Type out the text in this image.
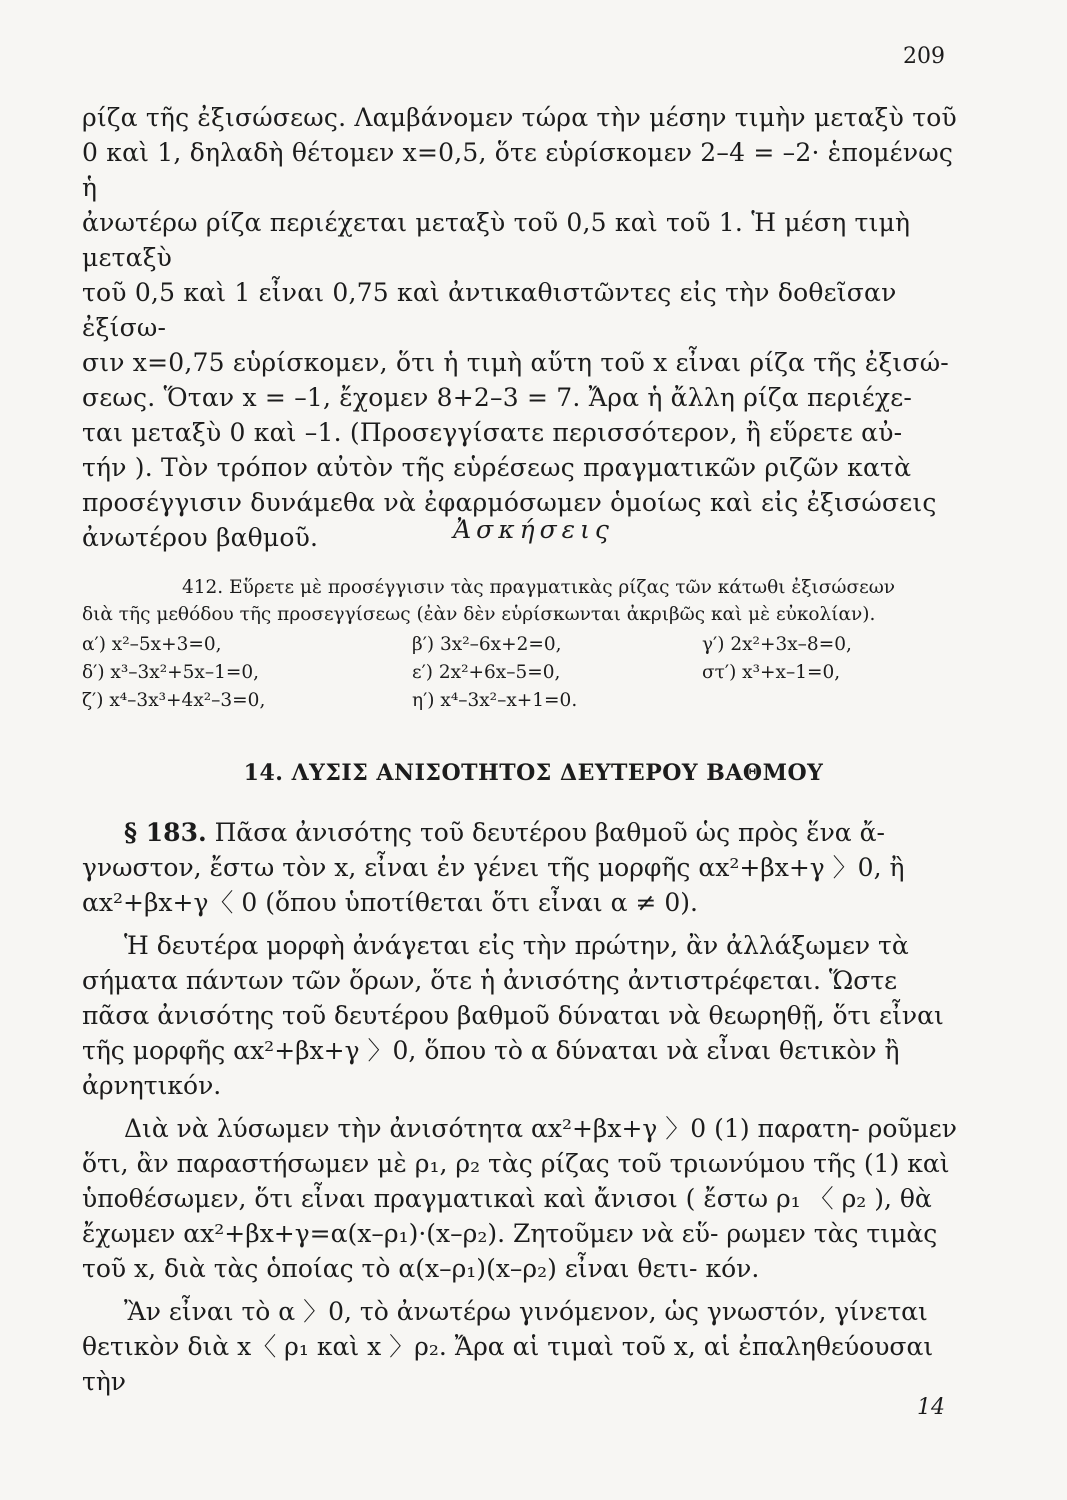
209

ρίζα τῆς ἐξισώσεως. Λαμβάνομεν τώρα τὴν μέσην τιμὴν μεταξὺ τοῦ

0 καὶ 1, δηλαδὴ θέτομεν x=0,5, ὅτε εὑρίσκομεν 2–4 = –2· ἑπομένως ἡ

ἀνωτέρω ρίζα περιέχεται μεταξὺ τοῦ 0,5 καὶ τοῦ 1. Ἡ μέση τιμὴ μεταξὺ

τοῦ 0,5 καὶ 1 εἶναι 0,75 καὶ ἀντικαθιστῶντες εἰς τὴν δοθεῖσαν ἐξίσω-

σιν x=0,75 εὑρίσκομεν, ὅτι ἡ τιμὴ αὕτη τοῦ x εἶναι ρίζα τῆς ἐξισώ-

σεως. Ὅταν x = –1, ἔχομεν 8+2–3 = 7. Ἄρα ἡ ἄλλη ρίζα περιέχε-

ται μεταξὺ 0 καὶ –1. (Προσεγγίσατε περισσότερον, ἢ εὕρετε αὐ-

τήν ). Τὸν τρόπον αὐτὸν τῆς εὑρέσεως πραγματικῶν ριζῶν κατὰ

προσέγγισιν δυνάμεθα νὰ ἐφαρμόσωμεν ὁμοίως καὶ εἰς ἐξισώσεις

ἀνωτέρου βαθμοῦ.	Ἀσκήσεις

412. Εὕρετε μὲ προσέγγισιν τὰς πραγματικὰς ρίζας τῶν κάτωθι ἐξισώσεων

διὰ τῆς μεθόδου τῆς προσεγγίσεως (ἐὰν δὲν εὑρίσκωνται ἀκριβῶς καὶ μὲ εὐκολίαν).

α′) x²–5x+3=0,	β′) 3x²–6x+2=0,	γ′) 2x²+3x–8=0,
δ′) x³–3x²+5x–1=0,	ε′) 2x²+6x–5=0,	στ′) x³+x–1=0,
ζ′) x⁴–3x³+4x²–3=0,	η′) x⁴–3x²–x+1=0.
14. ΛΥΣΙΣ ΑΝΙΣΟΤΗΤΟΣ ΔΕΥΤΕΡΟΥ ΒΑΘΜΟΥ

§ 183. Πᾶσα ἀνισότης τοῦ δευτέρου βαθμοῦ ὡς πρὸς ἕνα ἄ- γνωστον, ἔστω τὸν x, εἶναι ἐν γένει τῆς μορφῆς αx²+βx+γ 〉0, ἢ αx²+βx+γ〈 0 (ὅπου ὑποτίθεται ὅτι εἶναι α ≠ 0).

Ἡ δευτέρα μορφὴ ἀνάγεται εἰς τὴν πρώτην, ἂν ἀλλάξωμεν τὰ σήματα πάντων τῶν ὅρων, ὅτε ἡ ἀνισότης ἀντιστρέφεται. Ὥστε πᾶσα ἀνισότης τοῦ δευτέρου βαθμοῦ δύναται νὰ θεωρηθῇ, ὅτι εἶναι τῆς μορφῆς αx²+βx+γ 〉0, ὅπου τὸ α δύναται νὰ εἶναι θετικὸν ἢ ἀρνητικόν.

Διὰ νὰ λύσωμεν τὴν ἀνισότητα αx²+βx+γ 〉0 (1) παρατη- ροῦμεν ὅτι, ἂν παραστήσωμεν μὲ ρ₁, ρ₂ τὰς ρίζας τοῦ τριωνύμου τῆς (1) καὶ ὑποθέσωμεν, ὅτι εἶναι πραγματικαὶ καὶ ἄνισοι ( ἔστω ρ₁ 〈 ρ₂ ), θὰ ἔχωμεν αx²+βx+γ=α(x–ρ₁)·(x–ρ₂). Ζητοῦμεν νὰ εὕ- ρωμεν τὰς τιμὰς τοῦ x, διὰ τὰς ὁποίας τὸ α(x–ρ₁)(x–ρ₂) εἶναι θετι- κόν.

Ἂν εἶναι τὸ α 〉0, τὸ ἀνωτέρω γινόμενον, ὡς γνωστόν, γίνεται θετικὸν διὰ x〈 ρ₁ καὶ x 〉ρ₂. Ἄρα αἱ τιμαὶ τοῦ x, αἱ ἐπαληθεύουσαι τὴν

14
